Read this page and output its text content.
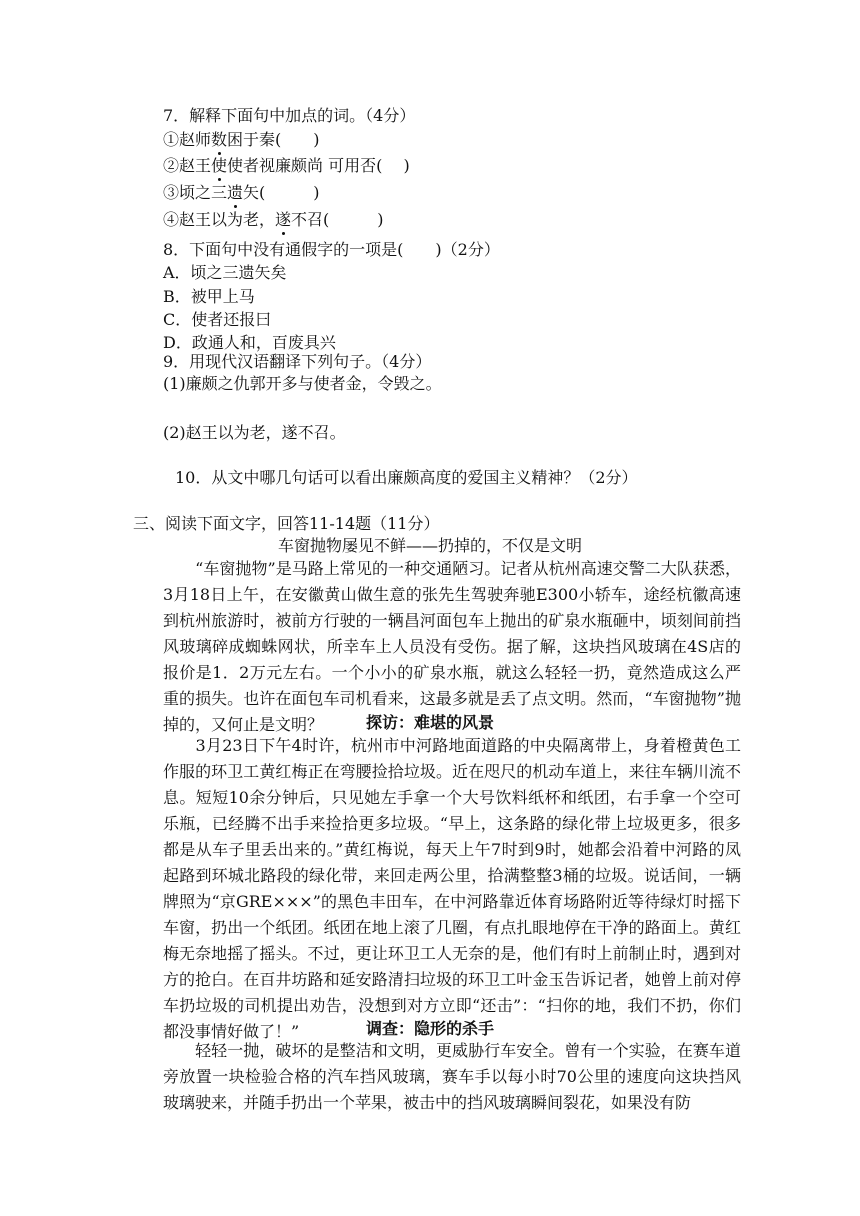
7．解释下面句中加点的词。（4分）
①赵师数困于秦(　　)
②赵王使使者视廉颇尚 可用否(　 )
③顷之三遗矢(　　　)
④赵王以为老，遂不召(　　　)
8．下面句中没有通假字的一项是(　　)（2分）
A．顷之三遗矢矣
B．被甲上马
C．使者还报曰
D．政通人和，百废具兴
9．用现代汉语翻译下列句子。（4分）
(1)廉颇之仇郭开多与使者金，令毁之。
(2)赵王以为老，遂不召。
10．从文中哪几句话可以看出廉颇高度的爱国主义精神？（2分）
三、阅读下面文字，回答11-14题（11分）
车窗抛物屡见不鲜——扔掉的，不仅是文明
　　“车窗抛物”是马路上常见的一种交通陋习。记者从杭州高速交警二大队获悉，3月18日上午，在安徽黄山做生意的张先生驾驶奔驰E300小轿车，途经杭徽高速到杭州旅游时，被前方行驶的一辆昌河面包车上抛出的矿泉水瓶砸中，顷刻间前挡风玻璃碎成蜘蛛网状，所幸车上人员没有受伤。据了解，这块挡风玻璃在4S店的报价是1．2万元左右。一个小小的矿泉水瓶，就这么轻轻一扔，竟然造成这么严重的损失。也许在面包车司机看来，这最多就是丢了点文明。然而，“车窗抛物”抛掉的，又何止是文明？	探访：难堪的风景
　　3月23日下午4时许，杭州市中河路地面道路的中央隔离带上，身着橙黄色工作服的环卫工黄红梅正在弯腰捡拾垃圾。近在咫尺的机动车道上，来往车辆川流不息。短短10余分钟后，只见她左手拿一个大号饮料纸杯和纸团，右手拿一个空可乐瓶，已经腾不出手来捡拾更多垃圾。“早上，这条路的绿化带上垃圾更多，很多都是从车子里丢出来的。”黄红梅说，每天上午7时到9时，她都会沿着中河路的凤起路到环城北路段的绿化带，来回走两公里，拾满整整3桶的垃圾。说话间，一辆牌照为“京GRE×××”的黑色丰田车，在中河路靠近体育场路附近等待绿灯时摇下车窗，扔出一个纸团。纸团在地上滚了几圈，有点扎眼地停在干净的路面上。黄红梅无奈地摇了摇头。不过，更让环卫工人无奈的是，他们有时上前制止时，遇到对方的抢白。在百井坊路和延安路清扫垃圾的环卫工叶金玉告诉记者，她曾上前对停车扔垃圾的司机提出劝告，没想到对方立即“还击”：“扫你的地，我们不扔，你们都没事情好做了！”	调查：隐形的杀手
　　轻轻一抛，破坏的是整洁和文明，更威胁行车安全。曾有一个实验，在赛车道旁放置一块检验合格的汽车挡风玻璃，赛车手以每小时70公里的速度向这块挡风玻璃驶来，并随手扔出一个苹果，被击中的挡风玻璃瞬间裂花，如果没有防
